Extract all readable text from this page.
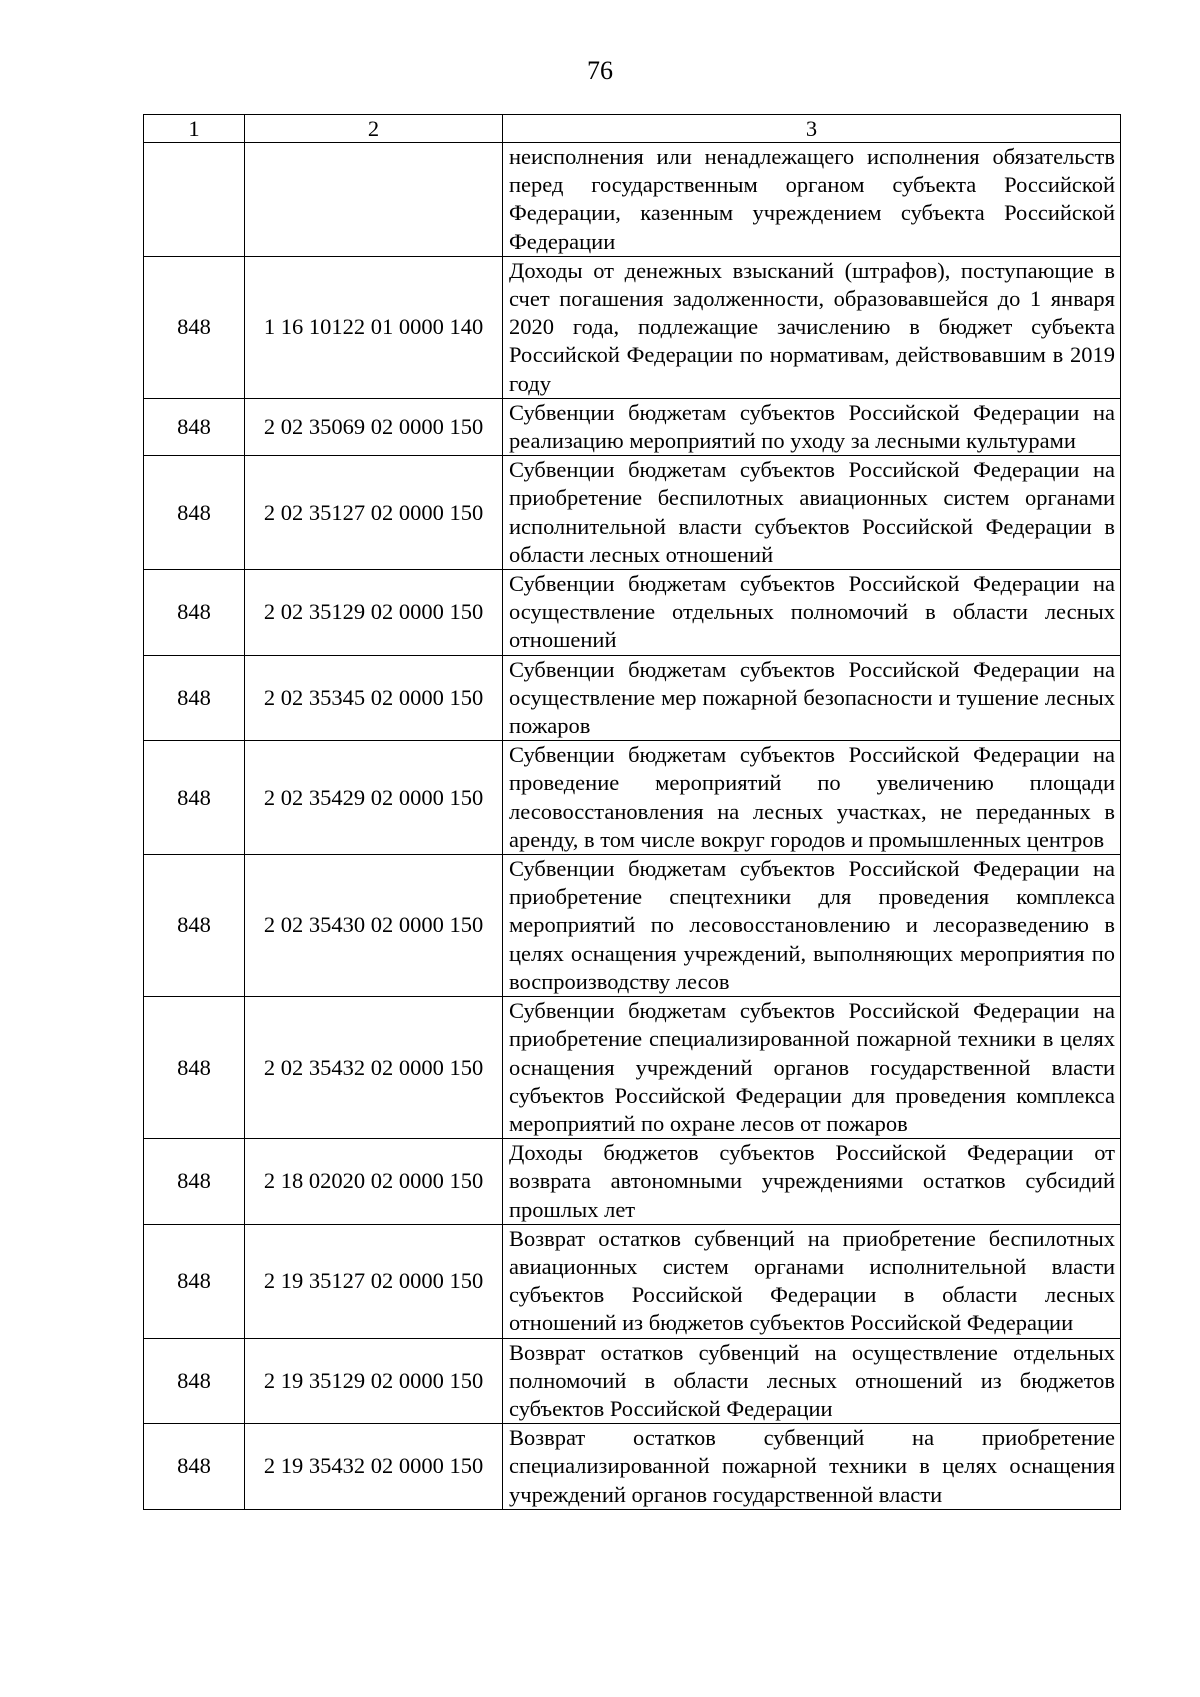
76
1	2	3
		неисполнения или ненадлежащего исполнения обязательств перед государственным органом субъекта Российской Федерации, казенным учреждением субъекта Российской Федерации
848	1 16 10122 01 0000 140	Доходы от денежных взысканий (штрафов), поступающие в счет погашения задолженности, образовавшейся до 1 января 2020 года, подлежащие зачислению в бюджет субъекта Российской Федерации по нормативам, действовавшим в 2019 году
848	2 02 35069 02 0000 150	Субвенции бюджетам субъектов Российской Федерации на реализацию мероприятий по уходу за лесными культурами
848	2 02 35127 02 0000 150	Субвенции бюджетам субъектов Российской Федерации на приобретение беспилотных авиационных систем органами исполнительной власти субъектов Российской Федерации в области лесных отношений
848	2 02 35129 02 0000 150	Субвенции бюджетам субъектов Российской Федерации на осуществление отдельных полномочий в области лесных отношений
848	2 02 35345 02 0000 150	Субвенции бюджетам субъектов Российской Федерации на осуществление мер пожарной безопасности и тушение лесных пожаров
848	2 02 35429 02 0000 150	Субвенции бюджетам субъектов Российской Федерации на проведение мероприятий по увеличению площади лесовосстановления на лесных участках, не переданных в аренду, в том числе вокруг городов и промышленных центров
848	2 02 35430 02 0000 150	Субвенции бюджетам субъектов Российской Федерации на приобретение спецтехники для проведения комплекса мероприятий по лесовосстановлению и лесоразведению в целях оснащения учреждений, выполняющих мероприятия по воспроизводству лесов
848	2 02 35432 02 0000 150	Субвенции бюджетам субъектов Российской Федерации на приобретение специализированной пожарной техники в целях оснащения учреждений органов государственной власти субъектов Российской Федерации для проведения комплекса мероприятий по охране лесов от пожаров
848	2 18 02020 02 0000 150	Доходы бюджетов субъектов Российской Федерации от возврата автономными учреждениями остатков субсидий прошлых лет
848	2 19 35127 02 0000 150	Возврат остатков субвенций на приобретение беспилотных авиационных систем органами исполнительной власти субъектов Российской Федерации в области лесных отношений из бюджетов субъектов Российской Федерации
848	2 19 35129 02 0000 150	Возврат остатков субвенций на осуществление отдельных полномочий в области лесных отношений из бюджетов субъектов Российской Федерации
848	2 19 35432 02 0000 150	Возврат остатков субвенций на приобретение специализированной пожарной техники в целях оснащения учреждений органов государственной власти
